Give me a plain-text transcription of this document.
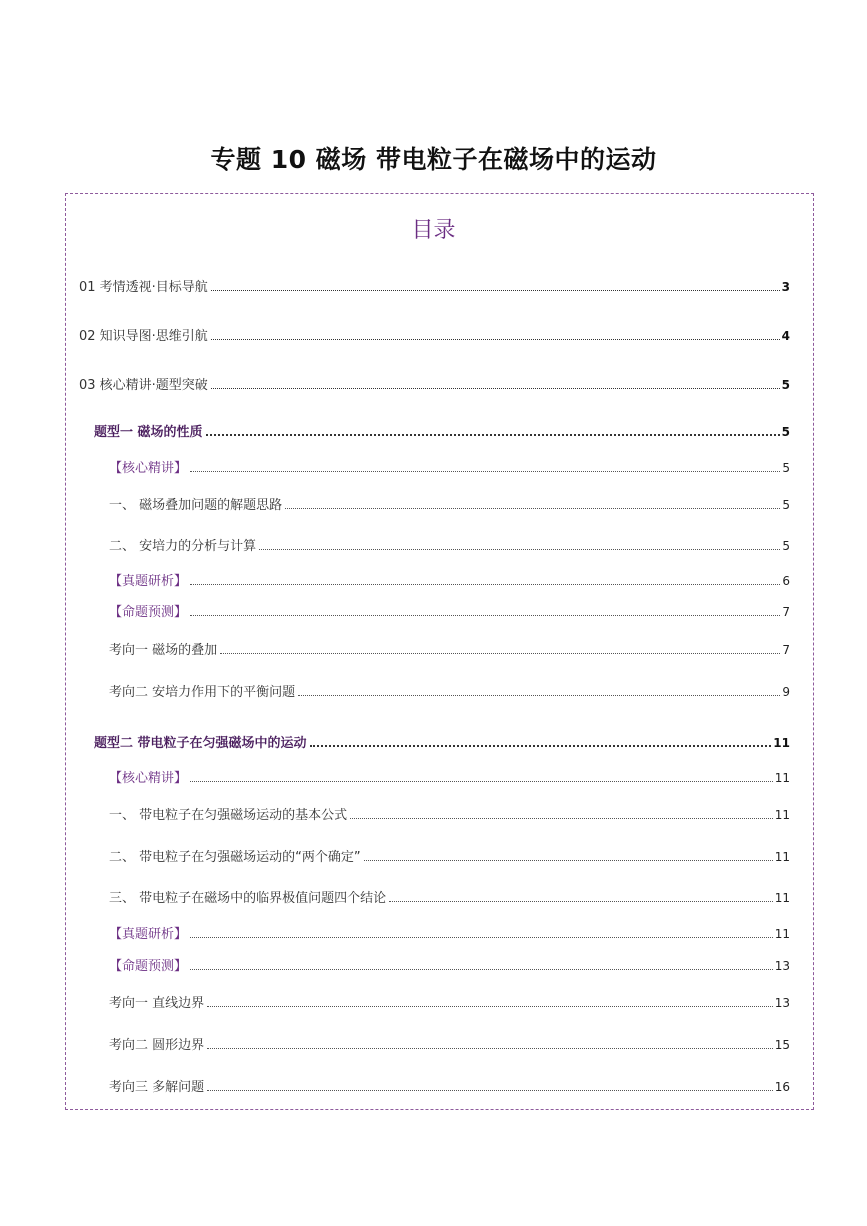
专题 10 磁场 带电粒子在磁场中的运动
目录
01 考情透视·目标导航	3
02 知识导图·思维引航	4
03 核心精讲·题型突破	5
题型一 磁场的性质	5
【核心精讲】	5
一、 磁场叠加问题的解题思路	5
二、 安培力的分析与计算	5
【真题研析】	6
【命题预测】	7
考向一 磁场的叠加	7
考向二 安培力作用下的平衡问题	9
题型二 带电粒子在匀强磁场中的运动	11
【核心精讲】	11
一、 带电粒子在匀强磁场运动的基本公式	11
二、 带电粒子在匀强磁场运动的“两个确定”	11
三、 带电粒子在磁场中的临界极值问题四个结论	11
【真题研析】	11
【命题预测】	13
考向一 直线边界	13
考向二 圆形边界	15
考向三 多解问题	16
